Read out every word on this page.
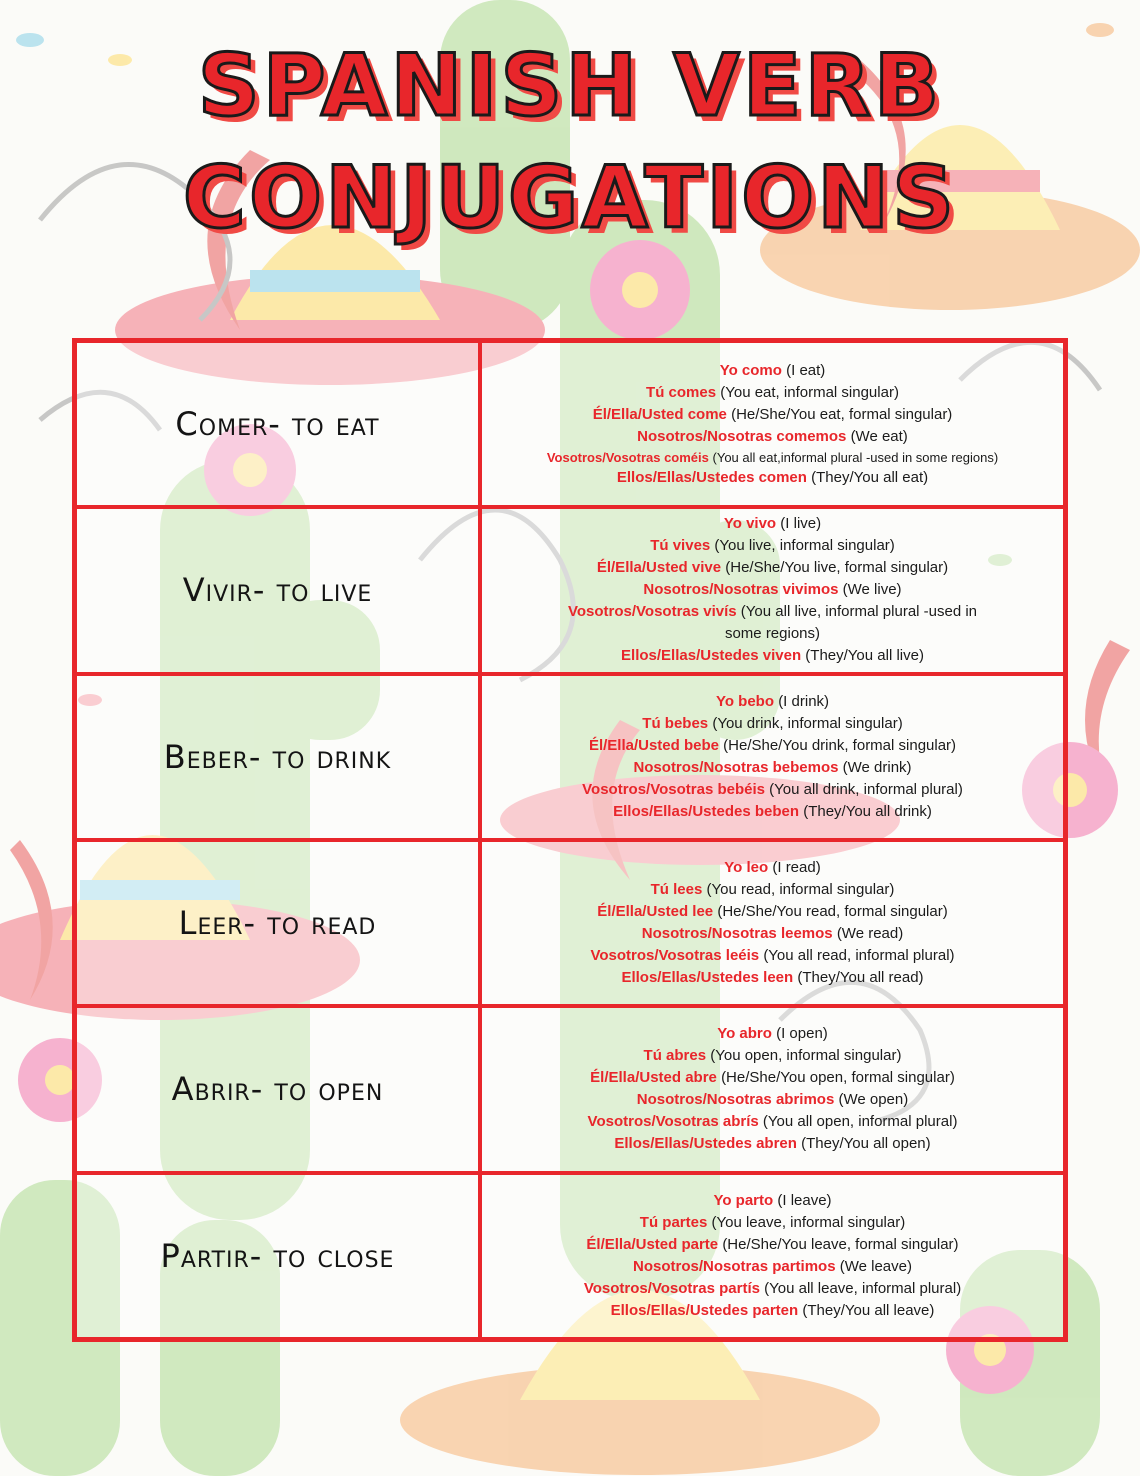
SPANISH VERB
CONJUGATIONS
Comer- to eat
Yo como (I eat)
Tú comes (You eat, informal singular)
Él/Ella/Usted come (He/She/You eat, formal singular)
Nosotros/Nosotras comemos (We eat)
Vosotros/Vosotras coméis (You all eat,informal plural -used in some regions)
Ellos/Ellas/Ustedes comen (They/You all eat)
Vivir- to live
Yo vivo (I live)
Tú vives (You live, informal singular)
Él/Ella/Usted vive (He/She/You live, formal singular)
Nosotros/Nosotras vivimos (We live)
Vosotros/Vosotras vivís (You all live, informal plural -used in some regions)
Ellos/Ellas/Ustedes viven (They/You all live)
Beber- to drink
Yo bebo (I drink)
Tú bebes (You drink, informal singular)
Él/Ella/Usted bebe (He/She/You drink, formal singular)
Nosotros/Nosotras bebemos (We drink)
Vosotros/Vosotras bebéis (You all drink, informal plural)
Ellos/Ellas/Ustedes beben (They/You all drink)
Leer- to read
Yo leo (I read)
Tú lees (You read, informal singular)
Él/Ella/Usted lee (He/She/You read, formal singular)
Nosotros/Nosotras leemos (We read)
Vosotros/Vosotras leéis (You all read, informal plural)
Ellos/Ellas/Ustedes leen (They/You all read)
Abrir- to open
Yo abro (I open)
Tú abres (You open, informal singular)
Él/Ella/Usted abre (He/She/You open, formal singular)
Nosotros/Nosotras abrimos (We open)
Vosotros/Vosotras abrís (You all open, informal plural)
Ellos/Ellas/Ustedes abren (They/You all open)
Partir- to close
Yo parto (I leave)
Tú partes (You leave, informal singular)
Él/Ella/Usted parte (He/She/You leave, formal singular)
Nosotros/Nosotras partimos (We leave)
Vosotros/Vosotras partís (You all leave, informal plural)
Ellos/Ellas/Ustedes parten (They/You all leave)
